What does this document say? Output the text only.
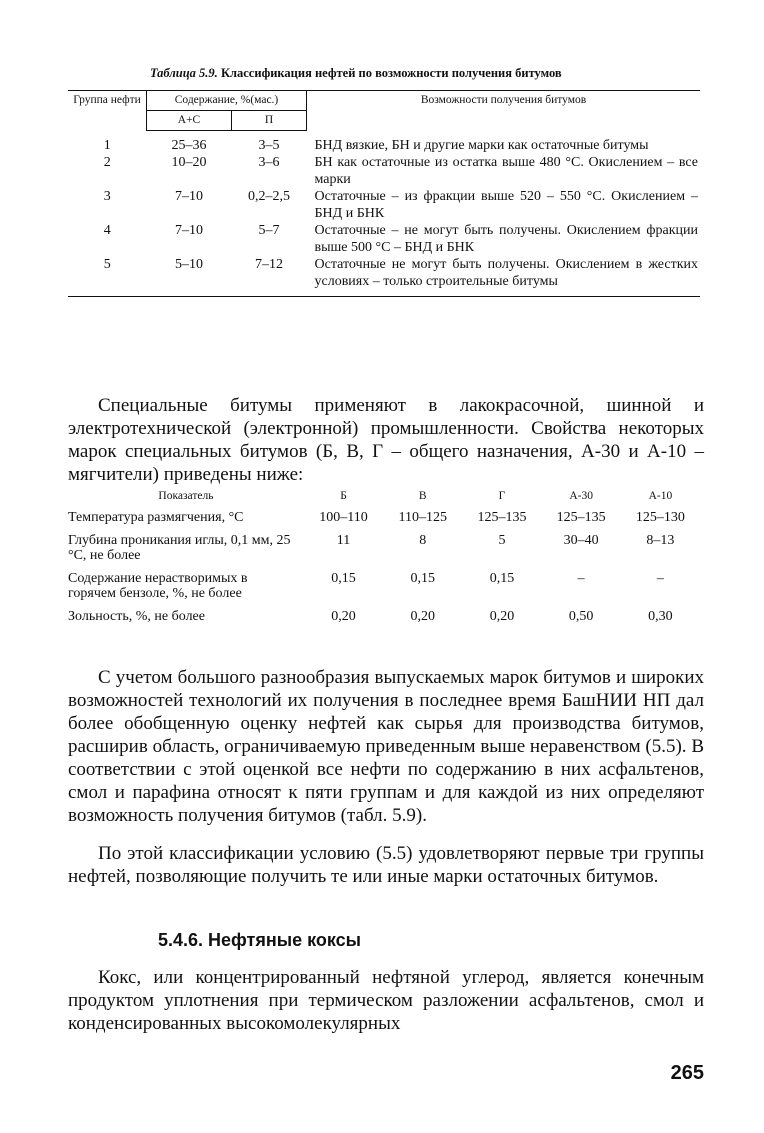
Таблица 5.9. Классификация нефтей по возможности получения битумов
Группа нефти	Содержание, %(мас.)		Возможности получения битумов
	А+С	П	
1	25–36	3–5	БНД вязкие, БН и другие марки как остаточные битумы
2	10–20	3–6	БН как остаточные из остатка выше 480 °С. Окислением – все марки
3	7–10	0,2–2,5	Остаточные – из фракции выше 520 – 550 °С. Окислением – БНД и БНК
4	7–10	5–7	Остаточные – не могут быть получены. Окислением фракции выше 500 °С – БНД и БНК
5	5–10	7–12	Остаточные не могут быть получены. Окислением в жестких условиях – только строительные битумы

Специальные битумы применяют в лакокрасочной, шинной и электротехнической (электронной) промышленности. Свойства некоторых марок специальных битумов (Б, В, Г – общего назначения, А-30 и А-10 – мягчители) приведены ниже:

Показатель	Б	В	Г	А-30	А-10
Температура размягчения, °С	100–110	110–125	125–135	125–135	125–130
Глубина проникания иглы, 0,1 мм, 25 °С, не более	11	8	5	30–40	8–13
Содержание нерастворимых в горячем бензоле, %, не более	0,15	0,15	0,15	–	–
Зольность, %, не более	0,20	0,20	0,20	0,50	0,30

С учетом большого разнообразия выпускаемых марок битумов и широких возможностей технологий их получения в последнее время БашНИИ НП дал более обобщенную оценку нефтей как сырья для производства битумов, расширив область, ограничиваемую приведенным выше неравенством (5.5). В соответствии с этой оценкой все нефти по содержанию в них асфальтенов, смол и парафина относят к пяти группам и для каждой из них определяют возможность получения битумов (табл. 5.9).

По этой классификации условию (5.5) удовлетворяют первые три группы нефтей, позволяющие получить те или иные марки остаточных битумов.

5.4.6. Нефтяные коксы

Кокс, или концентрированный нефтяной углерод, является конечным продуктом уплотнения при термическом разложении асфальтенов, смол и конденсированных высокомолекулярных

265
